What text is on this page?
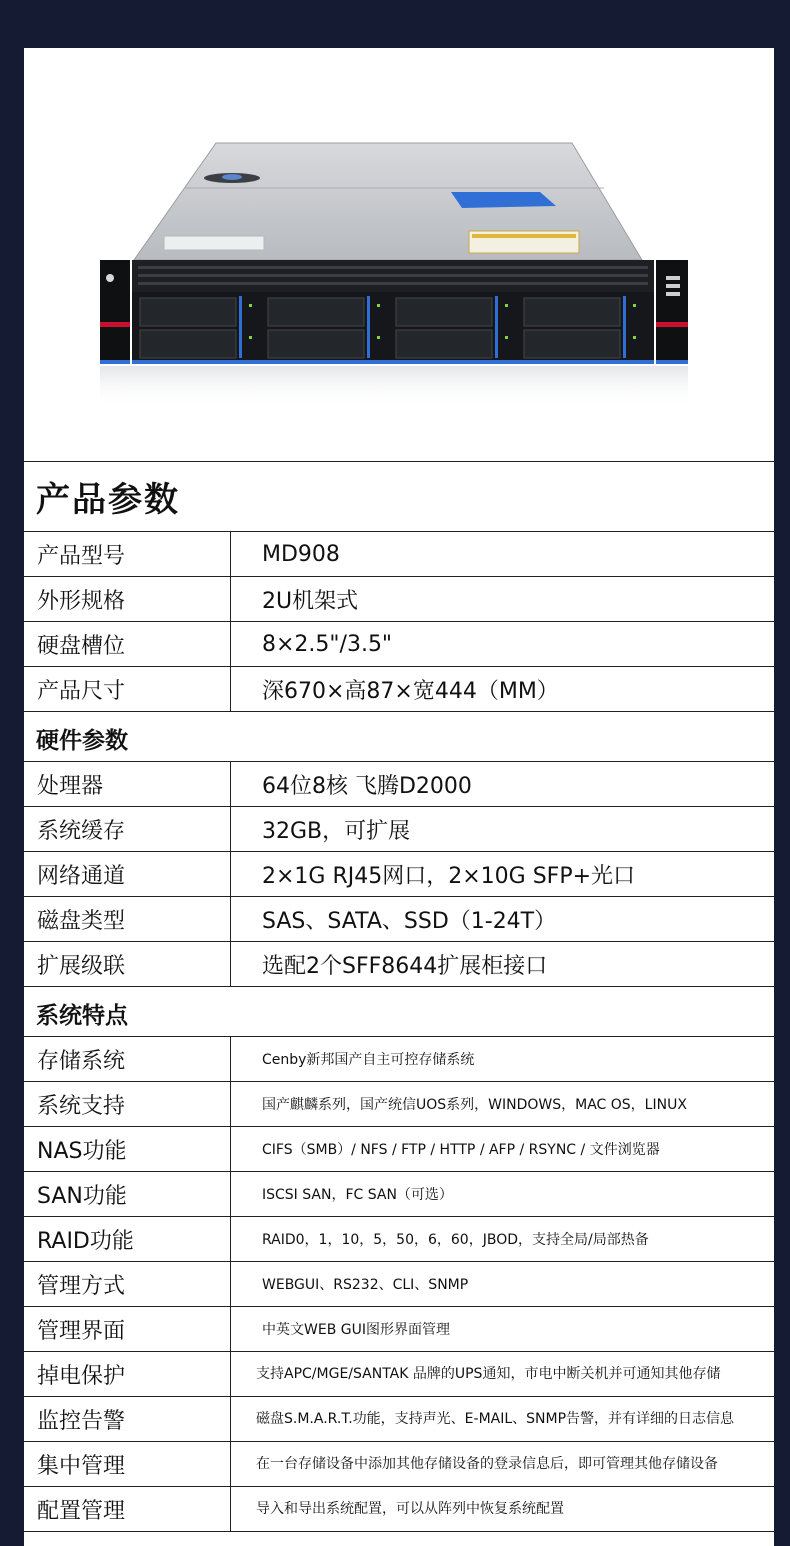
产品参数
产品型号	MD908
外形规格	2U机架式
硬盘槽位	8×2.5"/3.5"
产品尺寸	深670×高87×宽444（MM）
硬件参数
处理器	64位8核 飞腾D2000
系统缓存	32GB，可扩展
网络通道	2×1G RJ45网口，2×10G SFP+光口
磁盘类型	SAS、SATA、SSD（1-24T）
扩展级联	选配2个SFF8644扩展柜接口
系统特点
存储系统	Cenby新邦国产自主可控存储系统
系统支持	国产麒麟系列，国产统信UOS系列，WINDOWS，MAC OS，LINUX
NAS功能	CIFS（SMB）/ NFS / FTP / HTTP / AFP / RSYNC / 文件浏览器
SAN功能	ISCSI SAN，FC SAN（可选）
RAID功能	RAID0，1，10，5，50，6，60，JBOD，支持全局/局部热备
管理方式	WEBGUI、RS232、CLI、SNMP
管理界面	中英文WEB GUI图形界面管理
掉电保护	支持APC/MGE/SANTAK 品牌的UPS通知，市电中断关机并可通知其他存储
监控告警	磁盘S.M.A.R.T.功能，支持声光、E-MAIL、SNMP告警，并有详细的日志信息
集中管理	在一台存储设备中添加其他存储设备的登录信息后，即可管理其他存储设备
配置管理	导入和导出系统配置，可以从阵列中恢复系统配置
